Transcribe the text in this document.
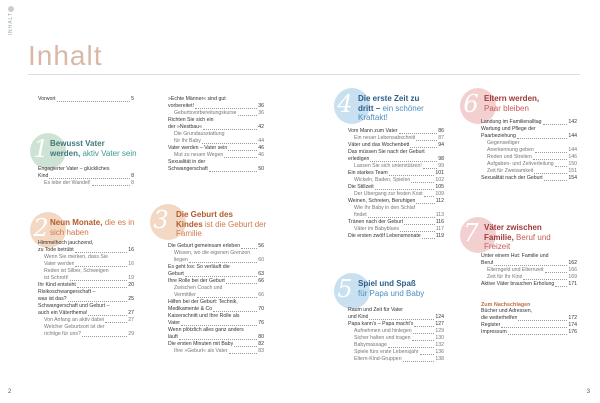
INHALT
Inhalt
2	3
Vorwort	5
1 Bewusst Vater
werden, aktiv Vater sein
Engagierter Vater – glückliches
Kind	8
Es lebe der Wandel!	8
2 Neun Monate, die es in sich haben
Himmelhoch jauchzend,
zu Tode betrübt	16
Wenn Sie merken, dass Sie
Vater werden	16
Reden ist Silber, Schweigen
ist Schrott!	19
Ihr Kind entsteht	20
Risikoschwangerschaft –
was ist das?	25
Schwangerschaft und Geburt –
auch ein Väterthema!	27
Von Anfang an aktiv dabei	27
Welcher Geburtsort ist der
richtige für uns?	29
»Echte Männer« sind gut
vorbereitet!	36
Geburtsvorbereitungskurse	36
Richten Sie sich ein
der »Nestbau«	42
Die Grundausstattung
für Ihr Baby	44
Vater werden – Vater sein	46
Mut zu neuen Wegen	46
Sexualität in der
Schwangerschaft	50
3 Die Geburt des
Kindes ist die Geburt der Familie
Die Geburt gemeinsam erleben	56
Wissen, wo die eigenen Grenzen
liegen	60
Es geht los: So verläuft die
Geburt	63
Ihre Rolle bei der Geburt	66
Zwischen Coach und
Vermittler	66
Hilfen bei der Geburt: Technik,
Medikamente & Co	70
Kaiserschnitt und Ihre Rolle als
Vater	76
Wenn plötzlich alles ganz anders
läuft	80
Die ersten Minuten mit Baby	82
Ihre »Geburt« als Vater	83
4 Die erste Zeit zu
dritt – ein schöner Kraftakt!
Vom Mann zum Vater	86
Ein neuer Lebensabschnitt	87
Väter und das Wochenbett	94
Das müssen Sie nach der Geburt
erledigen	98
Lassen Sie sich unterstützen!	99
Ein starkes Team	101
Wickeln, Baden, Spielen	102
Die Stillzeit	105
Der Übergang zur festen Kost 109
Weinen, Schreien, Beruhigen	112
Wie Ihr Baby in den Schlaf
findet	113
Tränen nach der Geburt	116
Väter im Babyblues	117
Die ersten zwölf Lebensmonate	119
5 Spiel und Spaß
für Papa und Baby
Raum und Zeit für Vater
und Kind	124
Papa kann's – Papa macht's	127
Aufnehmen und hinlegen	129
Sicher halten und tragen	130
Babymassage	132
Spiele fürs erste Lebensjahr	136
Eltern-Kind-Gruppen	138
6 Eltern werden,
Paar bleiben
Landung im Familienalltag	142
Wartung und Pflege der
Paarbeziehung	144
Gegenseitiger
Anerkennung geben	144
Reden und Streiten	146
Aufgaben- und Zeitverteilung	150
Zeit für Zweisamkeit	151
Sexualität nach der Geburt	154
7 Väter zwischen
Familie, Beruf und Freizeit
Unter einem Hut: Familie und
Beruf	162
Elterngeld und Elternzeit	166
Zeit für Ihr Kind	169
Aktive Väter brauchen Erholung	171
Zum Nachschlagen
Bücher und Adressen,
die weiterhelfen	172
Register	174
Impressum	176
